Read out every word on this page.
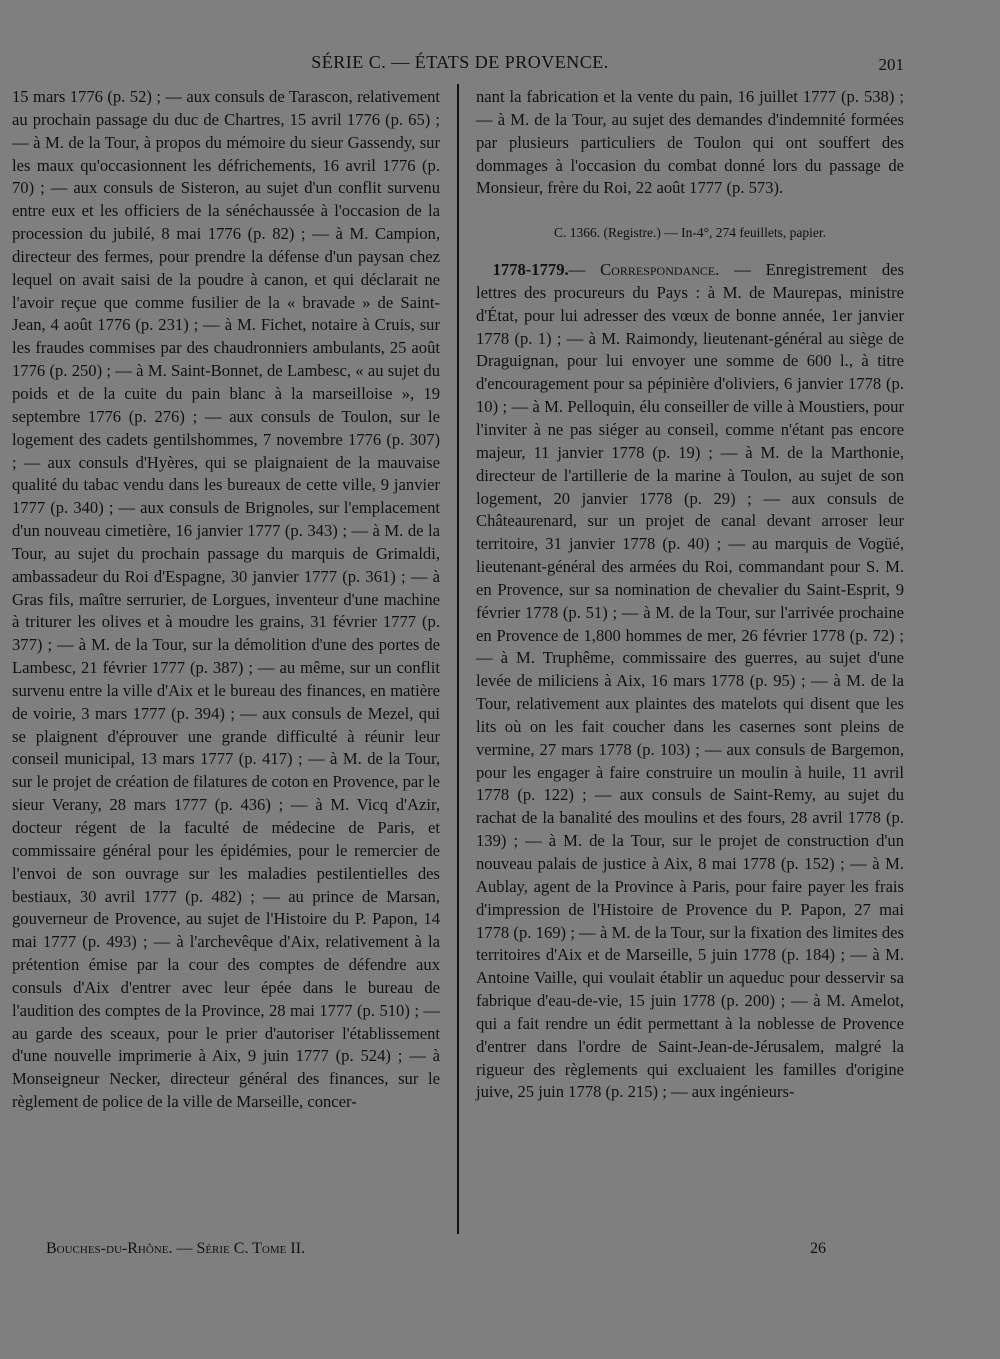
SÉRIE C. — ÉTATS DE PROVENCE.	201

15 mars 1776 (p. 52) ; — aux consuls de Tarascon, relativement au prochain passage du duc de Chartres, 15 avril 1776 (p. 65) ; — à M. de la Tour, à propos du mémoire du sieur Gassendy, sur les maux qu'occasionnent les défrichements, 16 avril 1776 (p. 70) ; — aux consuls de Sisteron, au sujet d'un conflit survenu entre eux et les officiers de la sénéchaussée à l'occasion de la procession du jubilé, 8 mai 1776 (p. 82) ; — à M. Campion, directeur des fermes, pour prendre la défense d'un paysan chez lequel on avait saisi de la poudre à canon, et qui déclarait ne l'avoir reçue que comme fusilier de la « bravade » de Saint-Jean, 4 août 1776 (p. 231) ; — à M. Fichet, notaire à Cruis, sur les fraudes commises par des chaudronniers ambulants, 25 août 1776 (p. 250) ; — à M. Saint-Bonnet, de Lambesc, « au sujet du poids et de la cuite du pain blanc à la marseilloise », 19 septembre 1776 (p. 276) ; — aux consuls de Toulon, sur le logement des cadets gentilshommes, 7 novembre 1776 (p. 307) ; — aux consuls d'Hyères, qui se plaignaient de la mauvaise qualité du tabac vendu dans les bureaux de cette ville, 9 janvier 1777 (p. 340) ; — aux consuls de Brignoles, sur l'emplacement d'un nouveau cimetière, 16 janvier 1777 (p. 343) ; — à M. de la Tour, au sujet du prochain passage du marquis de Grimaldi, ambassadeur du Roi d'Espagne, 30 janvier 1777 (p. 361) ; — à Gras fils, maître serrurier, de Lorgues, inventeur d'une machine à triturer les olives et à moudre les grains, 31 février 1777 (p. 377) ; — à M. de la Tour, sur la démolition d'une des portes de Lambesc, 21 février 1777 (p. 387) ; — au même, sur un conflit survenu entre la ville d'Aix et le bureau des finances, en matière de voirie, 3 mars 1777 (p. 394) ; — aux consuls de Mezel, qui se plaignent d'éprouver une grande difficulté à réunir leur conseil municipal, 13 mars 1777 (p. 417) ; — à M. de la Tour, sur le projet de création de filatures de coton en Provence, par le sieur Verany, 28 mars 1777 (p. 436) ; — à M. Vicq d'Azir, docteur régent de la faculté de médecine de Paris, et commissaire général pour les épidémies, pour le remercier de l'envoi de son ouvrage sur les maladies pestilentielles des bestiaux, 30 avril 1777 (p. 482) ; — au prince de Marsan, gouverneur de Provence, au sujet de l'Histoire du P. Papon, 14 mai 1777 (p. 493) ; — à l'archevêque d'Aix, relativement à la prétention émise par la cour des comptes de défendre aux consuls d'Aix d'entrer avec leur épée dans le bureau de l'audition des comptes de la Province, 28 mai 1777 (p. 510) ; — au garde des sceaux, pour le prier d'autoriser l'établissement d'une nouvelle imprimerie à Aix, 9 juin 1777 (p. 524) ; — à Monseigneur Necker, directeur général des finances, sur le règlement de police de la ville de Marseille, concer-

nant la fabrication et la vente du pain, 16 juillet 1777 (p. 538) ; — à M. de la Tour, au sujet des demandes d'indemnité formées par plusieurs particuliers de Toulon qui ont souffert des dommages à l'occasion du combat donné lors du passage de Monsieur, frère du Roi, 22 août 1777 (p. 573).

C. 1366. (Registre.) — In-4°, 274 feuillets, papier.

 1778-1779.— Correspondance. — Enregistrement des lettres des procureurs du Pays : à M. de Maurepas, ministre d'État, pour lui adresser des vœux de bonne année, 1er janvier 1778 (p. 1) ; — à M. Raimondy, lieutenant-général au siège de Draguignan, pour lui envoyer une somme de 600 l., à titre d'encouragement pour sa pépinière d'oliviers, 6 janvier 1778 (p. 10) ; — à M. Pelloquin, élu conseiller de ville à Moustiers, pour l'inviter à ne pas siéger au conseil, comme n'étant pas encore majeur, 11 janvier 1778 (p. 19) ; — à M. de la Marthonie, directeur de l'artillerie de la marine à Toulon, au sujet de son logement, 20 janvier 1778 (p. 29) ; — aux consuls de Châteaurenard, sur un projet de canal devant arroser leur territoire, 31 janvier 1778 (p. 40) ; — au marquis de Vogüé, lieutenant-général des armées du Roi, commandant pour S. M. en Provence, sur sa nomination de chevalier du Saint-Esprit, 9 février 1778 (p. 51) ; — à M. de la Tour, sur l'arrivée prochaine en Provence de 1,800 hommes de mer, 26 février 1778 (p. 72) ; — à M. Truphême, commissaire des guerres, au sujet d'une levée de miliciens à Aix, 16 mars 1778 (p. 95) ; — à M. de la Tour, relativement aux plaintes des matelots qui disent que les lits où on les fait coucher dans les casernes sont pleins de vermine, 27 mars 1778 (p. 103) ; — aux consuls de Bargemon, pour les engager à faire construire un moulin à huile, 11 avril 1778 (p. 122) ; — aux consuls de Saint-Remy, au sujet du rachat de la banalité des moulins et des fours, 28 avril 1778 (p. 139) ; — à M. de la Tour, sur le projet de construction d'un nouveau palais de justice à Aix, 8 mai 1778 (p. 152) ; — à M. Aublay, agent de la Province à Paris, pour faire payer les frais d'impression de l'Histoire de Provence du P. Papon, 27 mai 1778 (p. 169) ; — à M. de la Tour, sur la fixation des limites des territoires d'Aix et de Marseille, 5 juin 1778 (p. 184) ; — à M. Antoine Vaille, qui voulait établir un aqueduc pour desservir sa fabrique d'eau-de-vie, 15 juin 1778 (p. 200) ; — à M. Amelot, qui a fait rendre un édit permettant à la noblesse de Provence d'entrer dans l'ordre de Saint-Jean-de-Jérusalem, malgré la rigueur des règlements qui excluaient les familles d'origine juive, 25 juin 1778 (p. 215) ; — aux ingénieurs-

Bouches-du-Rhône. — Série C. Tome II.	26
